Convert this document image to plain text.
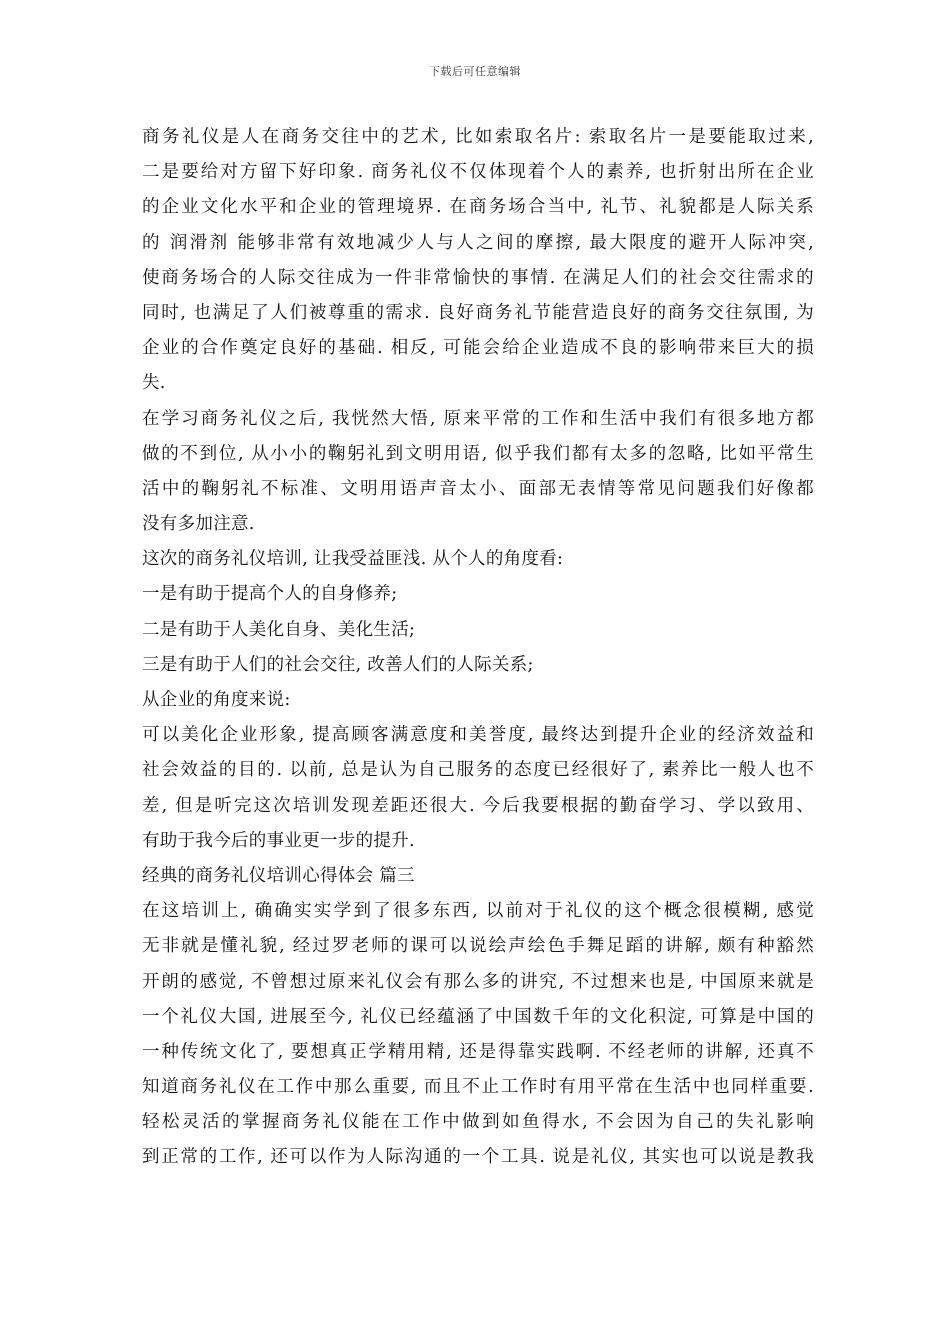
下载后可任意编辑
商务礼仪是人在商务交往中的艺术, 比如索取名片: 索取名片一是要能取过来,
二是要给对方留下好印象. 商务礼仪不仅体现着个人的素养, 也折射出所在企业
的企业文化水平和企业的管理境界. 在商务场合当中, 礼节、礼貌都是人际关系
的 润滑剂 能够非常有效地减少人与人之间的摩擦, 最大限度的避开人际冲突,
使商务场合的人际交往成为一件非常愉快的事情. 在满足人们的社会交往需求的
同时, 也满足了人们被尊重的需求. 良好商务礼节能营造良好的商务交往氛围, 为
企业的合作奠定良好的基础. 相反, 可能会给企业造成不良的影响带来巨大的损
失.
在学习商务礼仪之后, 我恍然大悟, 原来平常的工作和生活中我们有很多地方都
做的不到位, 从小小的鞠躬礼到文明用语, 似乎我们都有太多的忽略, 比如平常生
活中的鞠躬礼不标准、文明用语声音太小、面部无表情等常见问题我们好像都
没有多加注意.
这次的商务礼仪培训, 让我受益匪浅. 从个人的角度看:
一是有助于提高个人的自身修养;
二是有助于人美化自身、美化生活;
三是有助于人们的社会交往, 改善人们的人际关系;
从企业的角度来说:
可以美化企业形象, 提高顾客满意度和美誉度, 最终达到提升企业的经济效益和
社会效益的目的. 以前, 总是认为自己服务的态度已经很好了, 素养比一般人也不
差, 但是听完这次培训发现差距还很大. 今后我要根据的勤奋学习、学以致用、
有助于我今后的事业更一步的提升.
经典的商务礼仪培训心得体会 篇三
在这培训上, 确确实实学到了很多东西, 以前对于礼仪的这个概念很模糊, 感觉
无非就是懂礼貌, 经过罗老师的课可以说绘声绘色手舞足蹈的讲解, 颇有种豁然
开朗的感觉, 不曾想过原来礼仪会有那么多的讲究, 不过想来也是, 中国原来就是
一个礼仪大国, 进展至今, 礼仪已经蕴涵了中国数千年的文化积淀, 可算是中国的
一种传统文化了, 要想真正学精用精, 还是得靠实践啊. 不经老师的讲解, 还真不
知道商务礼仪在工作中那么重要, 而且不止工作时有用平常在生活中也同样重要.
轻松灵活的掌握商务礼仪能在工作中做到如鱼得水, 不会因为自己的失礼影响
到正常的工作, 还可以作为人际沟通的一个工具. 说是礼仪, 其实也可以说是教我
